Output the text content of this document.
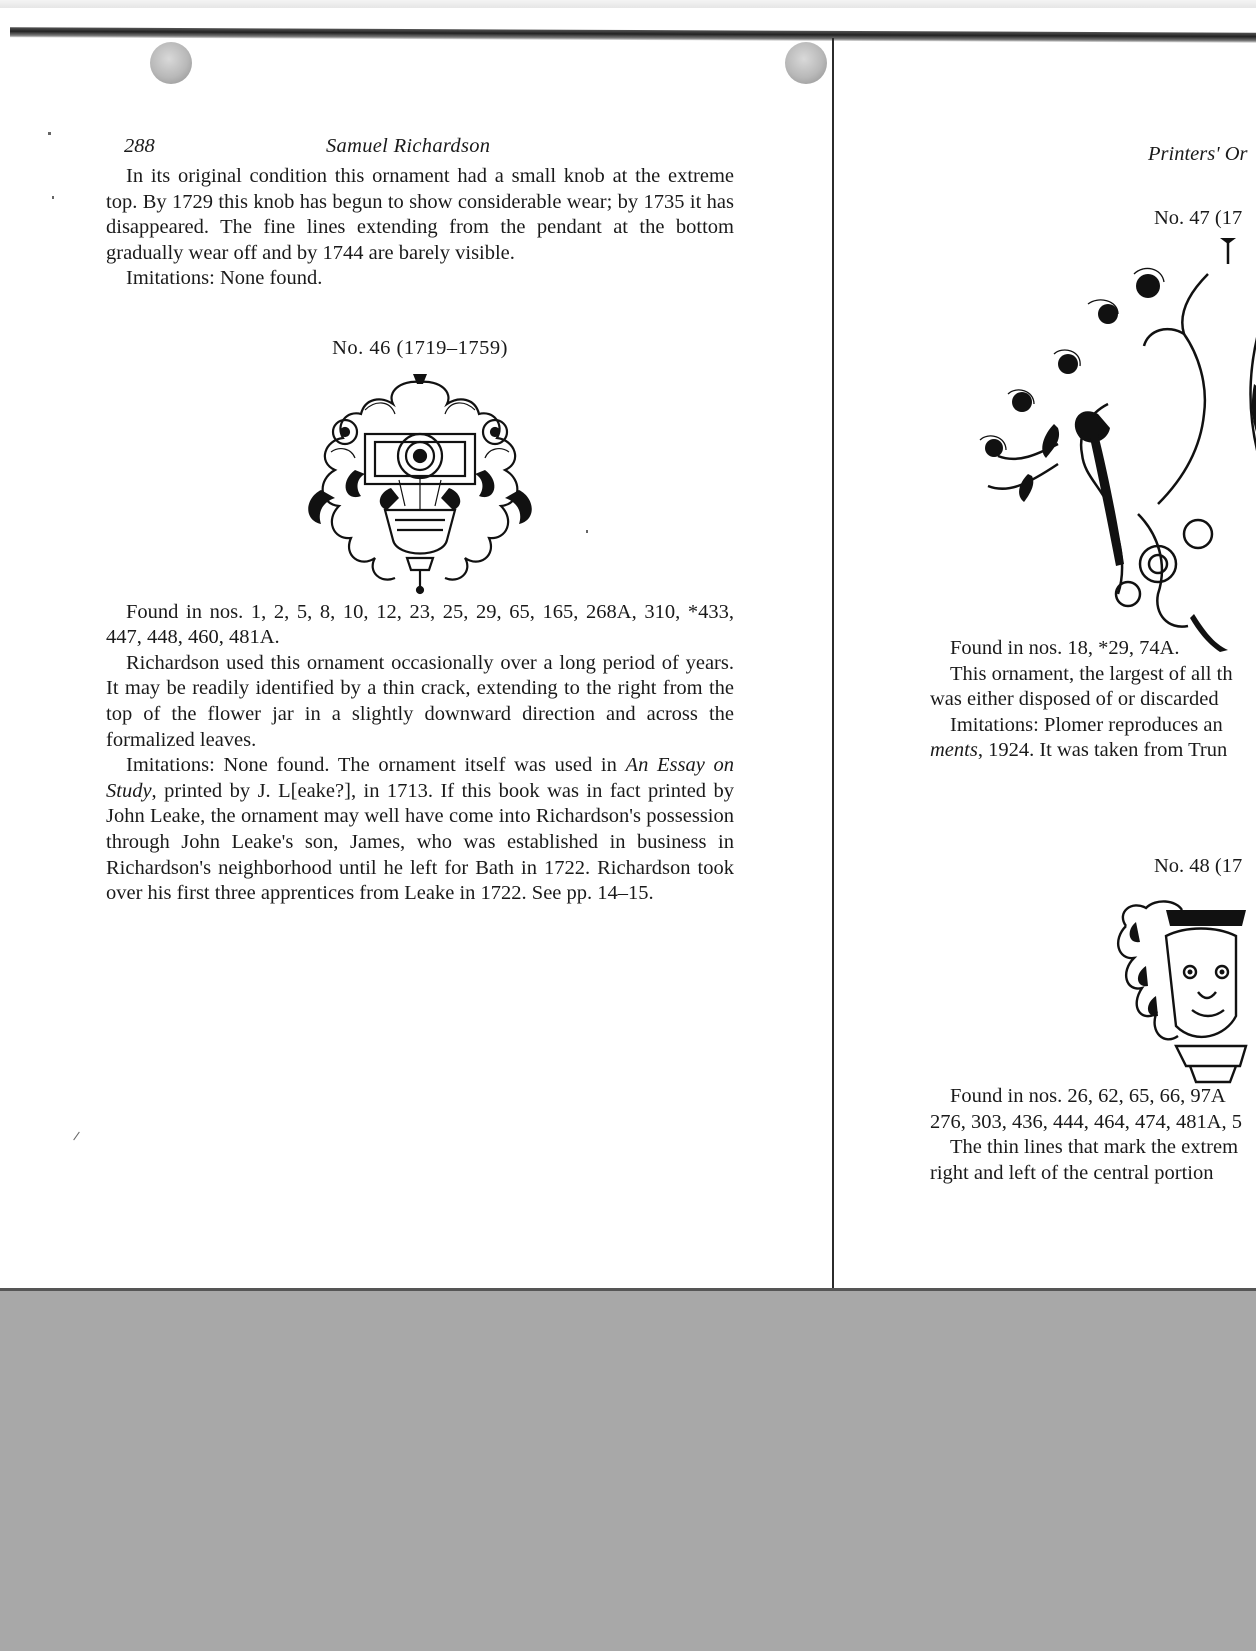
288	Samuel Richardson

In its original condition this ornament had a small knob at the extreme top. By 1729 this knob has begun to show considerable wear; by 1735 it has disappeared. The fine lines extending from the pendant at the bottom gradually wear off and by 1744 are barely visible.

Imitations: None found.

No. 46 (1719–1759)

Found in nos. 1, 2, 5, 8, 10, 12, 23, 25, 29, 65, 165, 268A, 310, *433, 447, 448, 460, 481A.

Richardson used this ornament occasionally over a long period of years. It may be readily identified by a thin crack, extending to the right from the top of the flower jar in a slightly downward direction and across the formalized leaves.

Imitations: None found. The ornament itself was used in An Essay on Study, printed by J. L[eake?], in 1713. If this book was in fact printed by John Leake, the ornament may well have come into Richardson's possession through John Leake's son, James, who was established in business in Richardson's neighborhood until he left for Bath in 1722. Richardson took over his first three apprentices from Leake in 1722. See pp. 14–15.

Printers' Or
No. 47 (17

Found in nos. 18, *29, 74A.

This ornament, the largest of all th

was either disposed of or discarded

Imitations: Plomer reproduces an

ments, 1924. It was taken from Trun

No. 48 (17

Found in nos. 26, 62, 65, 66, 97A

276, 303, 436, 444, 464, 474, 481A, 5

The thin lines that mark the extrem

right and left of the central portion
